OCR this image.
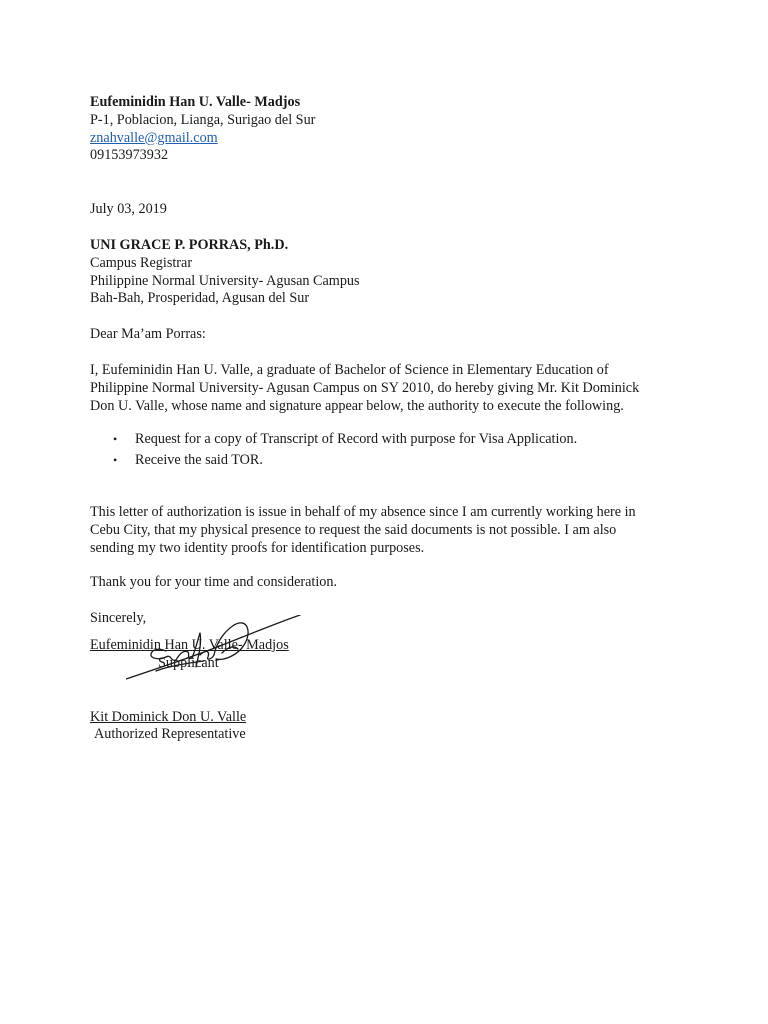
Eufeminidin Han U. Valle- Madjos
P-1, Poblacion, Lianga, Surigao del Sur
znahvalle@gmail.com
09153973932
July 03, 2019
UNI GRACE P. PORRAS, Ph.D.
Campus Registrar
Philippine Normal University- Agusan Campus
Bah-Bah, Prosperidad, Agusan del Sur
Dear Ma’am Porras:
I, Eufeminidin Han U. Valle, a graduate of Bachelor of Science in Elementary Education of
Philippine Normal University- Agusan Campus on SY 2010, do hereby giving Mr. Kit Dominick
Don U. Valle, whose name and signature appear below, the authority to execute the following.
• Request for a copy of Transcript of Record with purpose for Visa Application.
• Receive the said TOR.
This letter of authorization is issue in behalf of my absence since I am currently working here in
Cebu City, that my physical presence to request the said documents is not possible. I am also
sending my two identity proofs for identification purposes.
Thank you for your time and consideration.
Sincerely,
Eufeminidin Han U. Valle- Madjos
Supplicant
Kit Dominick Don U. Valle
Authorized Representative
